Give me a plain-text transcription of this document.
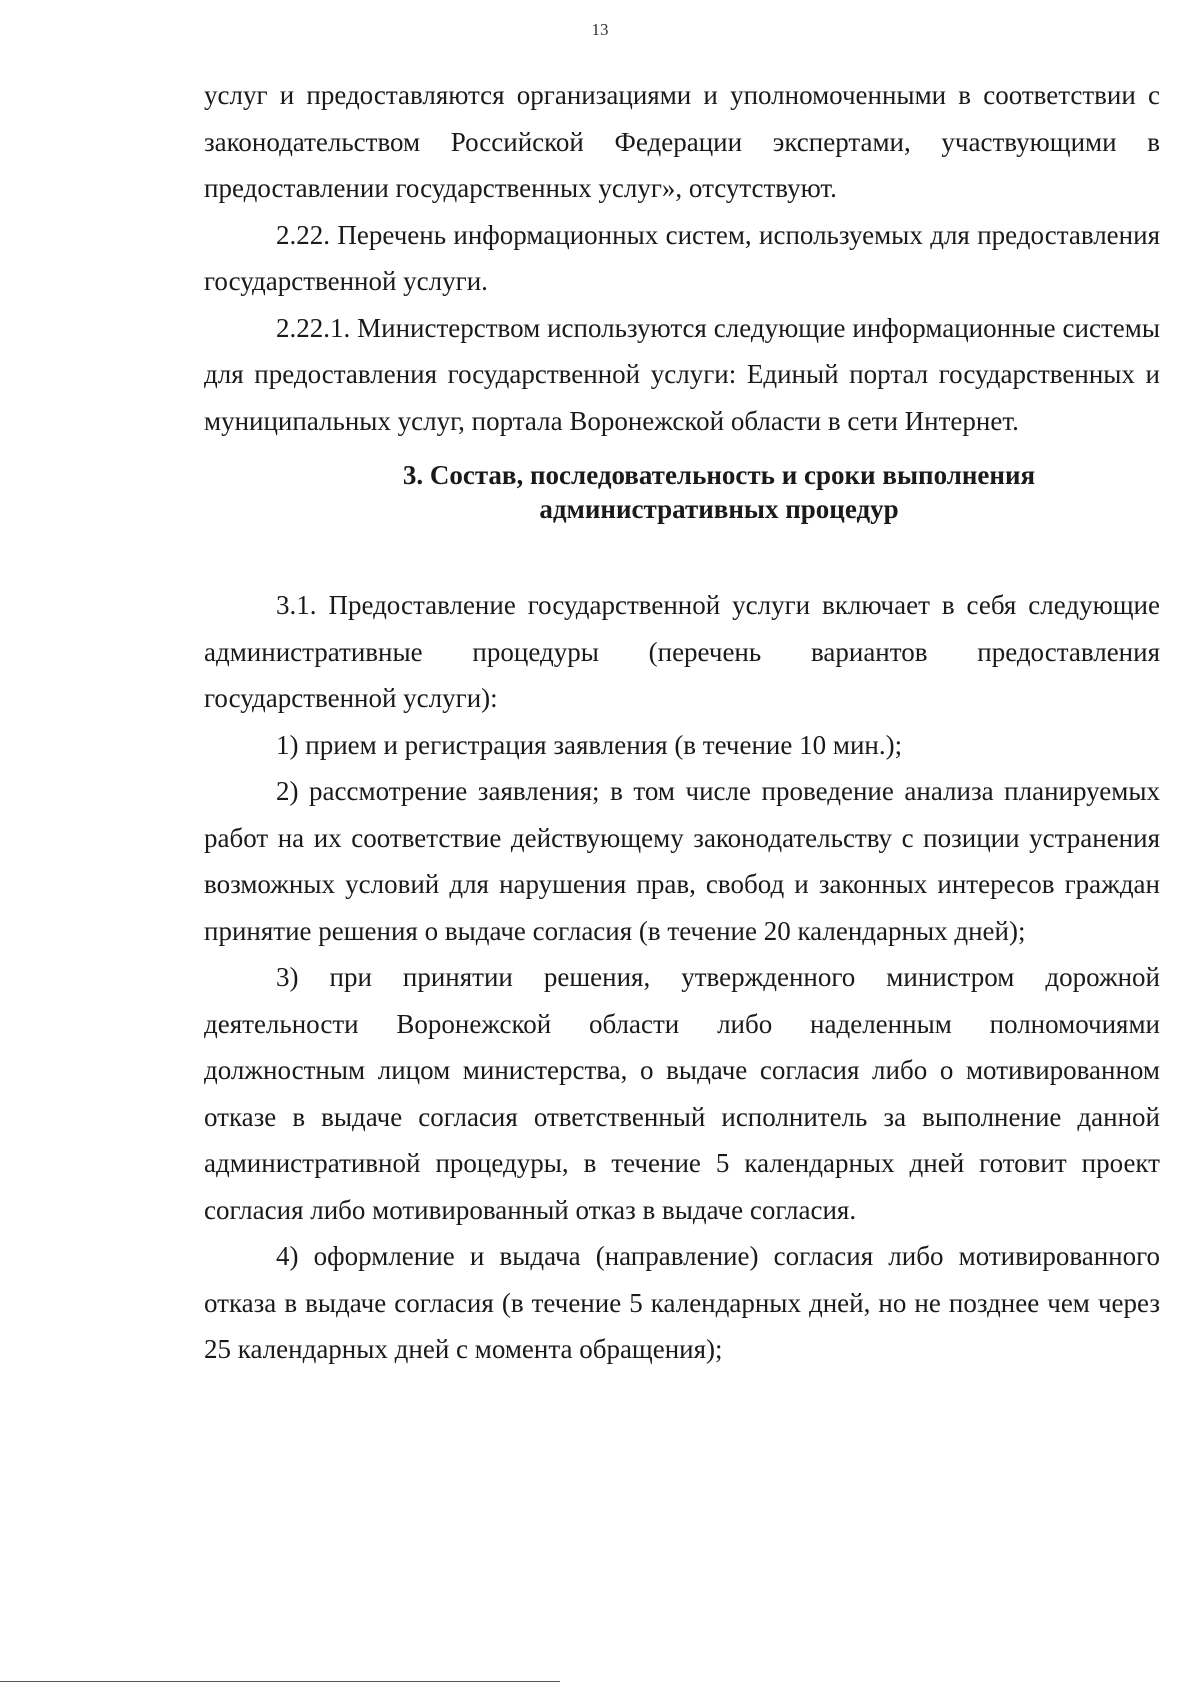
13

услуг и предоставляются организациями и уполномоченными в соответствии с законодательством Российской Федерации экспертами, участвующими в предоставлении государственных услуг», отсутствуют.

2.22. Перечень информационных систем, используемых для предоставления государственной услуги.

2.22.1. Министерством используются следующие информационные системы для предоставления государственной услуги: Единый портал государственных и муниципальных услуг, портала Воронежской области в сети Интернет.

3. Состав, последовательность и сроки выполнения

административных процедур

3.1. Предоставление государственной услуги включает в себя следующие административные процедуры (перечень вариантов предоставления государственной услуги):

1) прием и регистрация заявления (в течение 10 мин.);

2) рассмотрение заявления; в том числе проведение анализа планируемых работ на их соответствие действующему законодательству с позиции устранения возможных условий для нарушения прав, свобод и законных интересов граждан принятие решения о выдаче согласия (в течение 20 календарных дней);

3) при принятии решения, утвержденного министром дорожной деятельности Воронежской области либо наделенным полномочиями должностным лицом министерства, о выдаче согласия либо о мотивированном отказе в выдаче согласия ответственный исполнитель за выполнение данной административной процедуры, в течение 5 календарных дней готовит проект согласия либо мотивированный отказ в выдаче согласия.

4) оформление и выдача (направление) согласия либо мотивированного отказа в выдаче согласия (в течение 5 календарных дней, но не позднее чем через 25 календарных дней с момента обращения);
